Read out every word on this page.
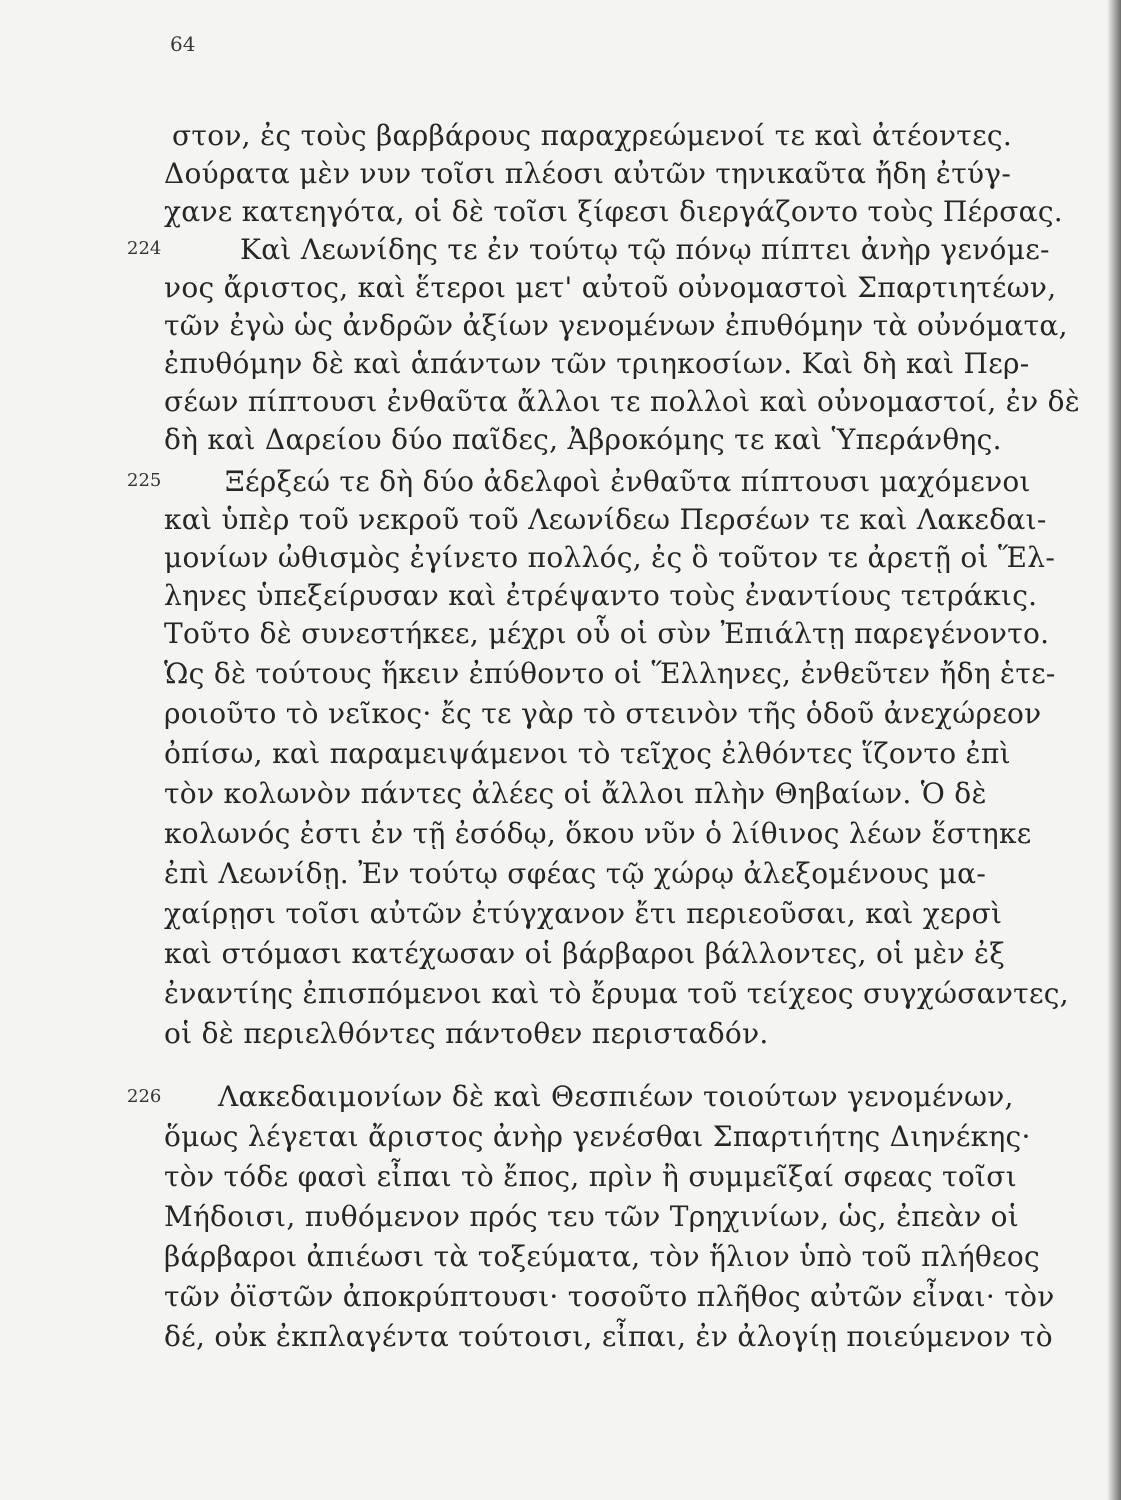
64
224
225
226
στον, ἐς τοὺς βαρβάρους παραχρεώμενοί τε καὶ ἀτέοντες.
Δούρατα μὲν νυν τοῖσι πλέοσι αὐτῶν τηνικαῦτα ἤδη ἐτύγ-
χανε κατεηγότα, οἱ δὲ τοῖσι ξίφεσι διεργάζοντο τοὺς Πέρσας.
Καὶ Λεωνίδης τε ἐν τούτῳ τῷ πόνῳ πίπτει ἀνὴρ γενόμε-
νος ἄριστος, καὶ ἕτεροι μετ' αὐτοῦ οὐνομαστοὶ Σπαρτιητέων,
τῶν ἐγὼ ὡς ἀνδρῶν ἀξίων γενομένων ἐπυθόμην τὰ οὐνόματα,
ἐπυθόμην δὲ καὶ ἁπάντων τῶν τριηκοσίων. Καὶ δὴ καὶ Περ-
σέων πίπτουσι ἐνθαῦτα ἄλλοι τε πολλοὶ καὶ οὐνομαστοί, ἐν δὲ
δὴ καὶ Δαρείου δύο παῖδες, Ἀβροκόμης τε καὶ Ὑπεράνθης.
Ξέρξεώ τε δὴ δύο ἀδελφοὶ ἐνθαῦτα πίπτουσι μαχόμενοι
καὶ ὑπὲρ τοῦ νεκροῦ τοῦ Λεωνίδεω Περσέων τε καὶ Λακεδαι-
μονίων ὠθισμὸς ἐγίνετο πολλός, ἐς ὃ τοῦτον τε ἀρετῇ οἱ Ἕλ-
ληνες ὑπεξείρυσαν καὶ ἐτρέψαντο τοὺς ἐναντίους τετράκις.
Τοῦτο δὲ συνεστήκεε, μέχρι οὗ οἱ σὺν Ἐπιάλτῃ παρεγένοντο.
Ὡς δὲ τούτους ἥκειν ἐπύθοντο οἱ Ἕλληνες, ἐνθεῦτεν ἤδη ἑτε-
ροιοῦτο τὸ νεῖκος· ἔς τε γὰρ τὸ στεινὸν τῆς ὁδοῦ ἀνεχώρεον
ὀπίσω, καὶ παραμειψάμενοι τὸ τεῖχος ἐλθόντες ἵζοντο ἐπὶ
τὸν κολωνὸν πάντες ἀλέες οἱ ἄλλοι πλὴν Θηβαίων. Ὁ δὲ
κολωνός ἐστι ἐν τῇ ἐσόδῳ, ὅκου νῦν ὁ λίθινος λέων ἕστηκε
ἐπὶ Λεωνίδῃ. Ἐν τούτῳ σφέας τῷ χώρῳ ἀλεξομένους μα-
χαίρῃσι τοῖσι αὐτῶν ἐτύγχανον ἔτι περιεοῦσαι, καὶ χερσὶ
καὶ στόμασι κατέχωσαν οἱ βάρβαροι βάλλοντες, οἱ μὲν ἐξ
ἐναντίης ἐπισπόμενοι καὶ τὸ ἔρυμα τοῦ τείχεος συγχώσαντες,
οἱ δὲ περιελθόντες πάντοθεν περισταδόν.
Λακεδαιμονίων δὲ καὶ Θεσπιέων τοιούτων γενομένων,
ὅμως λέγεται ἄριστος ἀνὴρ γενέσθαι Σπαρτιήτης Διηνέκης·
τὸν τόδε φασὶ εἶπαι τὸ ἔπος, πρὶν ἢ συμμεῖξαί σφεας τοῖσι
Μήδοισι, πυθόμενον πρός τευ τῶν Τρηχινίων, ὡς, ἐπεὰν οἱ
βάρβαροι ἀπιέωσι τὰ τοξεύματα, τὸν ἥλιον ὑπὸ τοῦ πλήθεος
τῶν ὀϊστῶν ἀποκρύπτουσι· τοσοῦτο πλῆθος αὐτῶν εἶναι· τὸν
δέ, οὐκ ἐκπλαγέντα τούτοισι, εἶπαι, ἐν ἀλογίῃ ποιεύμενον τὸ
